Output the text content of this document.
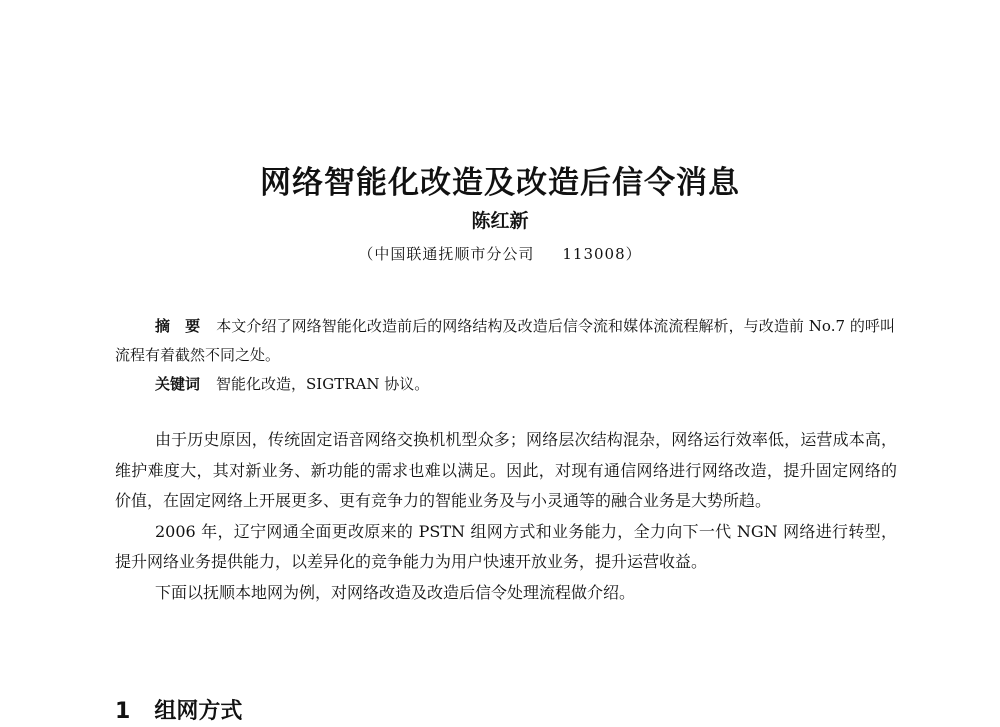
网络智能化改造及改造后信令消息
陈红新
（中国联通抚顺市分公司 113008）

摘　要 本文介绍了网络智能化改造前后的网络结构及改造后信令流和媒体流流程解析，与改造前 No.7 的呼叫流程有着截然不同之处。

关键词 智能化改造，SIGTRAN 协议。

由于历史原因，传统固定语音网络交换机机型众多；网络层次结构混杂，网络运行效率低，运营成本高，维护难度大，其对新业务、新功能的需求也难以满足。因此，对现有通信网络进行网络改造，提升固定网络的价值，在固定网络上开展更多、更有竞争力的智能业务及与小灵通等的融合业务是大势所趋。

2006 年，辽宁网通全面更改原来的 PSTN 组网方式和业务能力，全力向下一代 NGN 网络进行转型，提升网络业务提供能力，以差异化的竞争能力为用户快速开放业务，提升运营收益。

下面以抚顺本地网为例，对网络改造及改造后信令处理流程做介绍。

1 组网方式
